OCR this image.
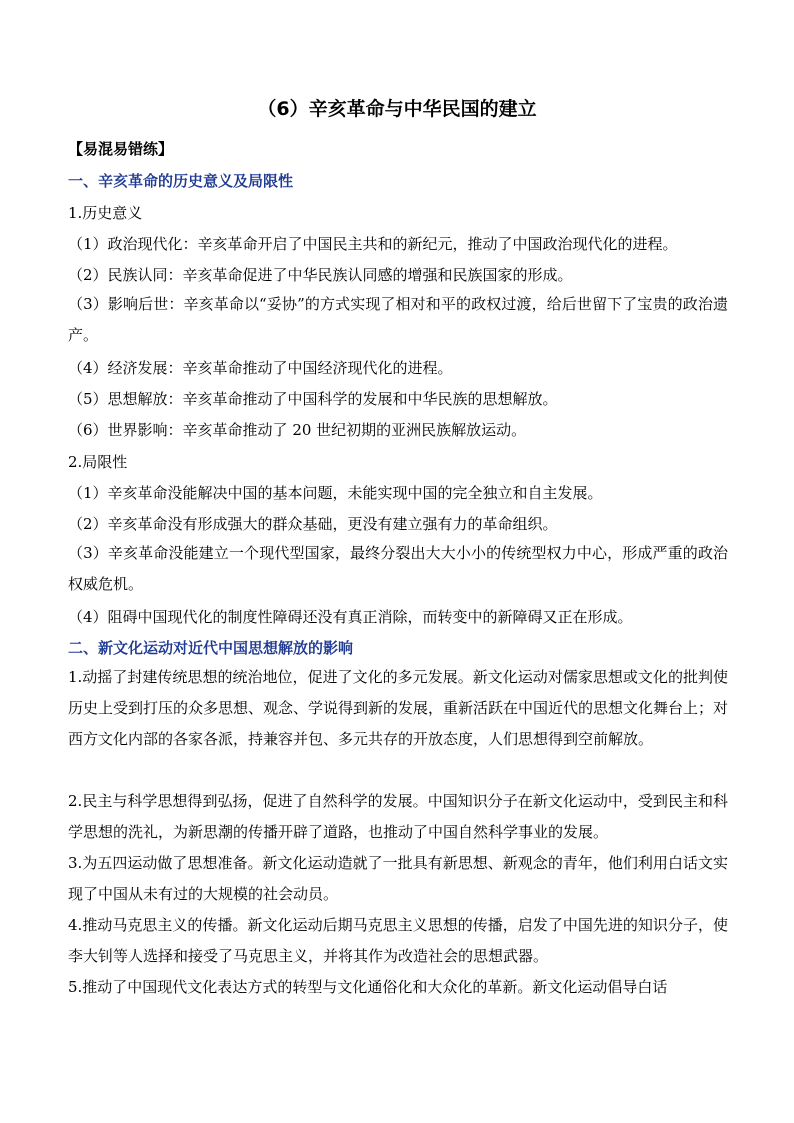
（6）辛亥革命与中华民国的建立
【易混易错练】
一、辛亥革命的历史意义及局限性
1.历史意义
（1）政治现代化：辛亥革命开启了中国民主共和的新纪元，推动了中国政治现代化的进程。
（2）民族认同：辛亥革命促进了中华民族认同感的增强和民族国家的形成。
（3）影响后世：辛亥革命以“妥协”的方式实现了相对和平的政权过渡，给后世留下了宝贵的政治遗产。
（4）经济发展：辛亥革命推动了中国经济现代化的进程。
（5）思想解放：辛亥革命推动了中国科学的发展和中华民族的思想解放。
（6）世界影响：辛亥革命推动了 20 世纪初期的亚洲民族解放运动。
2.局限性
（1）辛亥革命没能解决中国的基本问题，未能实现中国的完全独立和自主发展。
（2）辛亥革命没有形成强大的群众基础，更没有建立强有力的革命组织。
（3）辛亥革命没能建立一个现代型国家，最终分裂出大大小小的传统型权力中心，形成严重的政治权威危机。
（4）阻碍中国现代化的制度性障碍还没有真正消除，而转变中的新障碍又正在形成。
二、新文化运动对近代中国思想解放的影响
1.动摇了封建传统思想的统治地位，促进了文化的多元发展。新文化运动对儒家思想或文化的批判使历史上受到打压的众多思想、观念、学说得到新的发展，重新活跃在中国近代的思想文化舞台上；对西方文化内部的各家各派，持兼容并包、多元共存的开放态度，人们思想得到空前解放。
2.民主与科学思想得到弘扬，促进了自然科学的发展。中国知识分子在新文化运动中，受到民主和科学思想的洗礼，为新思潮的传播开辟了道路，也推动了中国自然科学事业的发展。
3.为五四运动做了思想准备。新文化运动造就了一批具有新思想、新观念的青年，他们利用白话文实现了中国从未有过的大规模的社会动员。
4.推动马克思主义的传播。新文化运动后期马克思主义思想的传播，启发了中国先进的知识分子，使李大钊等人选择和接受了马克思主义，并将其作为改造社会的思想武器。
5.推动了中国现代文化表达方式的转型与文化通俗化和大众化的革新。新文化运动倡导白话
